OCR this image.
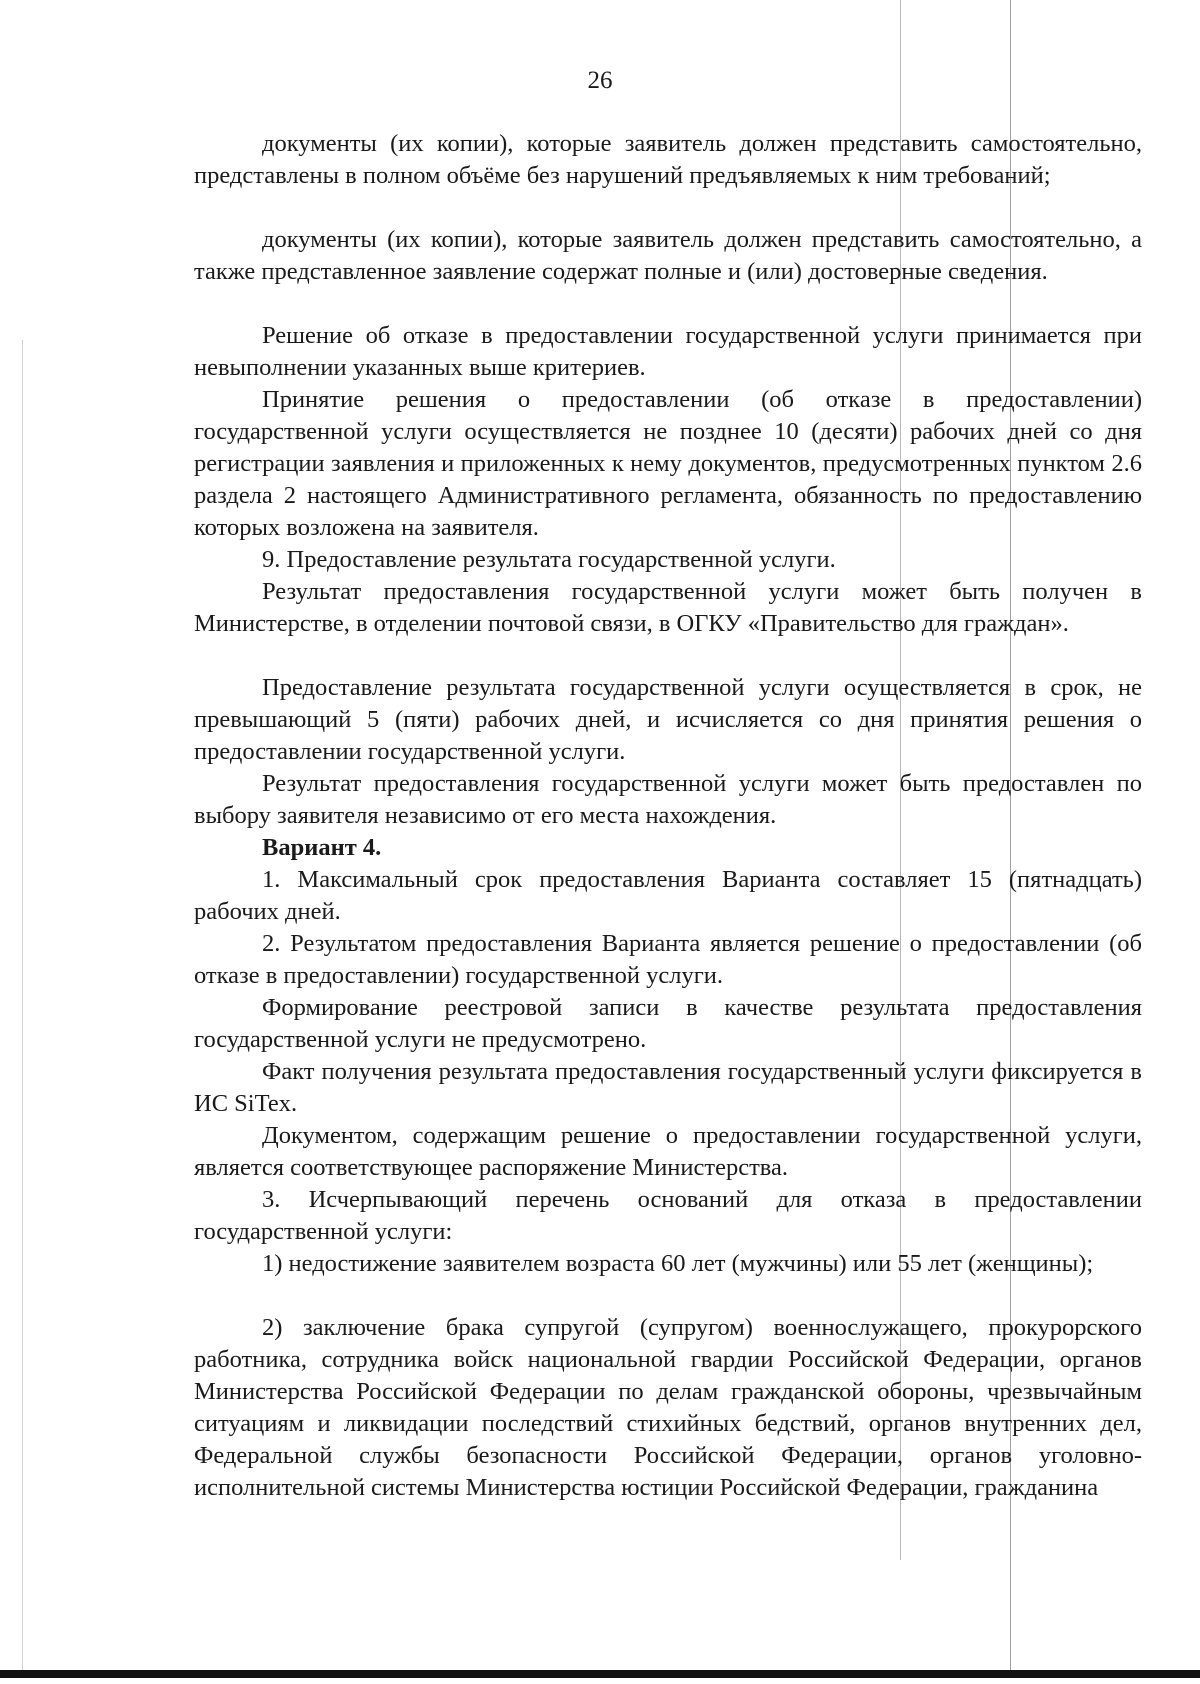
26

документы (их копии), которые заявитель должен представить самостоятельно, представлены в полном объёме без нарушений предъявляемых к ним требований;

документы (их копии), которые заявитель должен представить самостоятельно, а также представленное заявление содержат полные и (или) достоверные сведения.

Решение об отказе в предоставлении государственной услуги принимается при невыполнении указанных выше критериев.

Принятие решения о предоставлении (об отказе в предоставлении) государственной услуги осуществляется не позднее 10 (десяти) рабочих дней со дня регистрации заявления и приложенных к нему документов, предусмотренных пунктом 2.6 раздела 2 настоящего Административного регламента, обязанность по предоставлению которых возложена на заявителя.

9. Предоставление результата государственной услуги.

Результат предоставления государственной услуги может быть получен в Министерстве, в отделении почтовой связи, в ОГКУ «Правительство для граждан».

Предоставление результата государственной услуги осуществляется в срок, не превышающий 5 (пяти) рабочих дней, и исчисляется со дня принятия решения о предоставлении государственной услуги.

Результат предоставления государственной услуги может быть предоставлен по выбору заявителя независимо от его места нахождения.

Вариант 4.

1. Максимальный срок предоставления Варианта составляет 15 (пятнадцать) рабочих дней.

2. Результатом предоставления Варианта является решение о предоставлении (об отказе в предоставлении) государственной услуги.

Формирование реестровой записи в качестве результата предоставления государственной услуги не предусмотрено.

Факт получения результата предоставления государственный услуги фиксируется в ИС SiTex.

Документом, содержащим решение о предоставлении государственной услуги, является соответствующее распоряжение Министерства.

3. Исчерпывающий перечень оснований для отказа в предоставлении государственной услуги:

1) недостижение заявителем возраста 60 лет (мужчины) или 55 лет (женщины);

2) заключение брака супругой (супругом) военнослужащего, прокурорского работника, сотрудника войск национальной гвардии Российской Федерации, органов Министерства Российской Федерации по делам гражданской обороны, чрезвычайным ситуациям и ликвидации последствий стихийных бедствий, органов внутренних дел, Федеральной службы безопасности Российской Федерации, органов уголовно-исполнительной системы Министерства юстиции Российской Федерации, гражданина
